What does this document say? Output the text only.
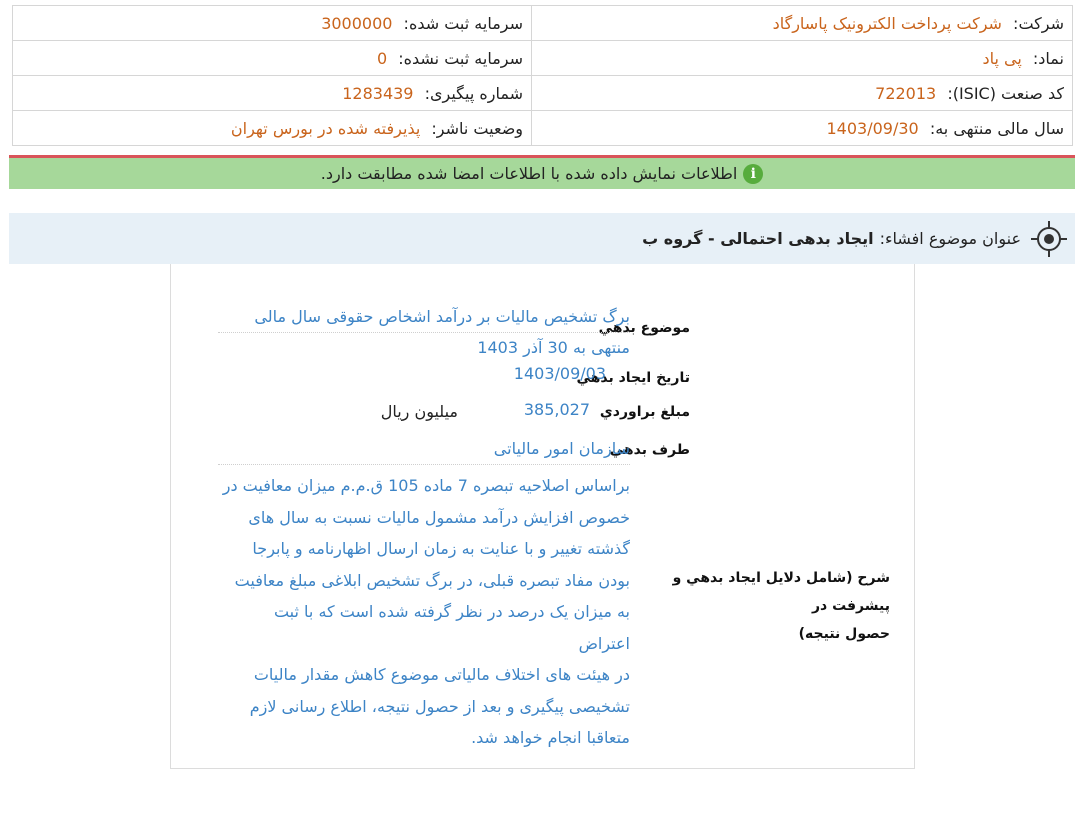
شرکت: شرکت پرداخت الکترونیک پاسارگاد	سرمایه ثبت شده: 3000000
نماد: پی پاد	سرمایه ثبت نشده: 0
کد صنعت (ISIC): 722013	شماره پیگیری: 1283439
سال مالی منتهی به: 1403/09/30	وضعیت ناشر: پذیرفته شده در بورس تهران
i
اطلاعات نمایش داده شده با اطلاعات امضا شده مطابقت دارد.
عنوان موضوع افشاء:
ایجاد بدهی احتمالی - گروه ب
موضوع بدهي
برگ تشخیص مالیات بر درآمد اشخاص حقوقی سال مالی
منتهی به 30 آذر 1403
تاريخ ايجاد بدهي
1403/09/03
مبلغ براوردي
385,027
میلیون ریال
طرف بدهي
سازمان امور مالیاتی
شرح (شامل دلايل ايجاد بدهي و پيشرفت در
حصول نتيجه)
براساس اصلاحیه تبصره 7 ماده 105 ق.م.م میزان معافیت در
خصوص افزایش درآمد مشمول مالیات نسبت به سال های
گذشته تغییر و با عنایت به زمان ارسال اظهارنامه و پابرجا
بودن مفاد تبصره قبلی، در برگ تشخیص ابلاغی مبلغ معافیت
به میزان یک درصد در نظر گرفته شده است که با ثبت اعتراض
در هیئت های اختلاف مالیاتی موضوع کاهش مقدار مالیات
تشخیصی پیگیری و بعد از حصول نتیجه، اطلاع رسانی لازم
متعاقبا انجام خواهد شد.
